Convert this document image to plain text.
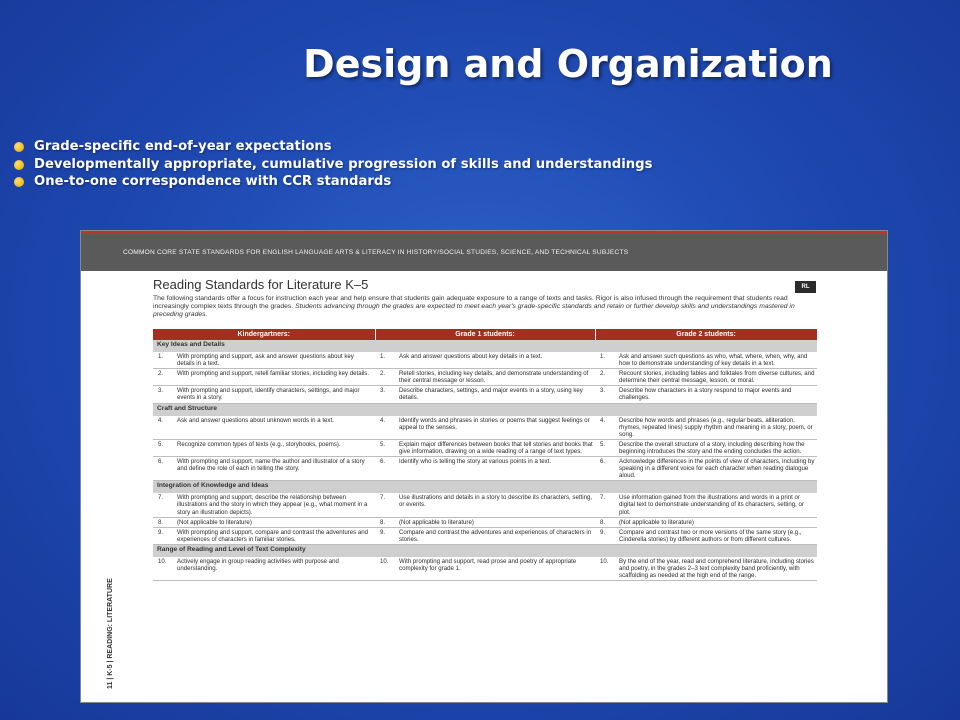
Design and Organization
Grade-specific end-of-year expectations
Developmentally appropriate, cumulative progression of skills and understandings
One-to-one correspondence with CCR standards
COMMON CORE STATE STANDARDS FOR ENGLISH LANGUAGE ARTS & LITERACY IN HISTORY/SOCIAL STUDIES, SCIENCE, AND TECHNICAL SUBJECTS
11 | K-5 | READING: LITERATURE
Reading Standards for Literature K–5	RL
The following standards offer a focus for instruction each year and help ensure that students gain adequate exposure to a range of texts and tasks. Rigor is also infused through the requirement that students read increasingly complex texts through the grades. Students advancing through the grades are expected to meet each year's grade-specific standards and retain or further develop skills and understandings mastered in preceding grades.
Kindergartners:		Grade 1 students:		Grade 2 students:	
Key Ideas and Details					
1.	With prompting and support, ask and answer questions about key details in a text.	1.	Ask and answer questions about key details in a text.	1.	Ask and answer such questions as who, what, where, when, why, and how to demonstrate understanding of key details in a text.
2.	With prompting and support, retell familiar stories, including key details.	2.	Retell stories, including key details, and demonstrate understanding of their central message or lesson.	2.	Recount stories, including fables and folktales from diverse cultures, and determine their central message, lesson, or moral.
3.	With prompting and support, identify characters, settings, and major events in a story.	3.	Describe characters, settings, and major events in a story, using key details.	3.	Describe how characters in a story respond to major events and challenges.
Craft and Structure					
4.	Ask and answer questions about unknown words in a text.	4.	Identify words and phrases in stories or poems that suggest feelings or appeal to the senses.	4.	Describe how words and phrases (e.g., regular beats, alliteration, rhymes, repeated lines) supply rhythm and meaning in a story, poem, or song.
5.	Recognize common types of texts (e.g., storybooks, poems).	5.	Explain major differences between books that tell stories and books that give information, drawing on a wide reading of a range of text types.	5.	Describe the overall structure of a story, including describing how the beginning introduces the story and the ending concludes the action.
6.	With prompting and support, name the author and illustrator of a story and define the role of each in telling the story.	6.	Identify who is telling the story at various points in a text.	6.	Acknowledge differences in the points of view of characters, including by speaking in a different voice for each character when reading dialogue aloud.
Integration of Knowledge and Ideas					
7.	With prompting and support, describe the relationship between illustrations and the story in which they appear (e.g., what moment in a story an illustration depicts).	7.	Use illustrations and details in a story to describe its characters, setting, or events.	7.	Use information gained from the illustrations and words in a print or digital text to demonstrate understanding of its characters, setting, or plot.
8.	(Not applicable to literature)	8.	(Not applicable to literature)	8.	(Not applicable to literature)
9.	With prompting and support, compare and contrast the adventures and experiences of characters in familiar stories.	9.	Compare and contrast the adventures and experiences of characters in stories.	9.	Compare and contrast two or more versions of the same story (e.g., Cinderella stories) by different authors or from different cultures.
Range of Reading and Level of Text Complexity					
10.	Actively engage in group reading activities with purpose and understanding.	10.	With prompting and support, read prose and poetry of appropriate complexity for grade 1.	10.	By the end of the year, read and comprehend literature, including stories and poetry, in the grades 2–3 text complexity band proficiently, with scaffolding as needed at the high end of the range.
